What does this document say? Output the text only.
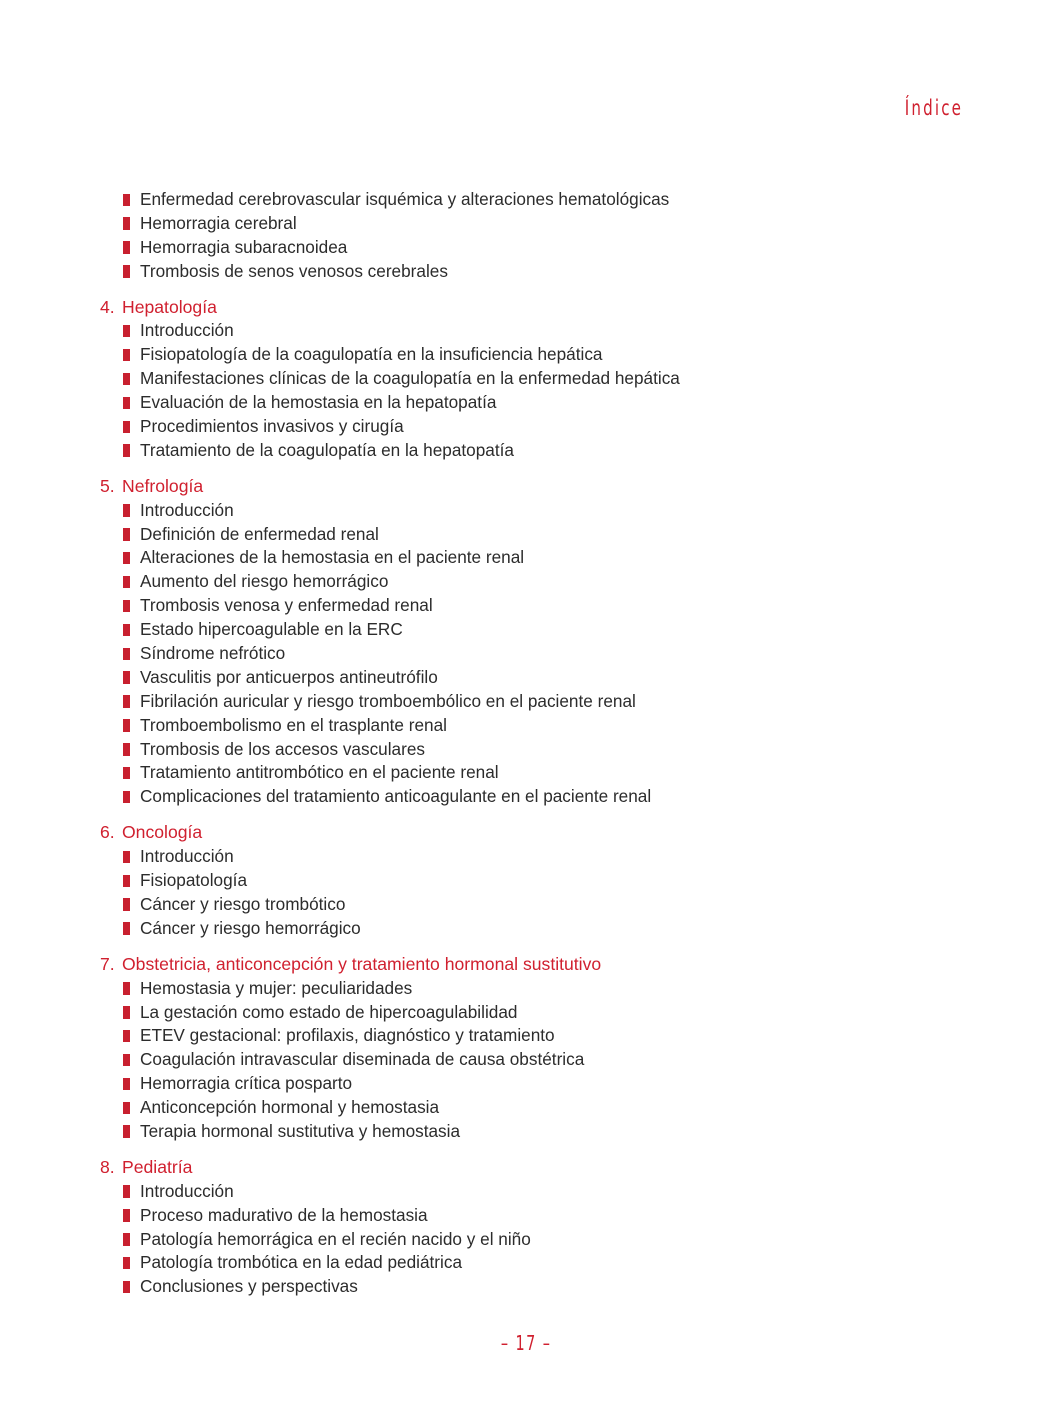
Índice
Enfermedad cerebrovascular isquémica y alteraciones hematológicas
Hemorragia cerebral
Hemorragia subaracnoidea
Trombosis de senos venosos cerebrales
4. Hepatología
Introducción
Fisiopatología de la coagulopatía en la insuficiencia hepática
Manifestaciones clínicas de la coagulopatía en la enfermedad hepática
Evaluación de la hemostasia en la hepatopatía
Procedimientos invasivos y cirugía
Tratamiento de la coagulopatía en la hepatopatía
5. Nefrología
Introducción
Definición de enfermedad renal
Alteraciones de la hemostasia en el paciente renal
Aumento del riesgo hemorrágico
Trombosis venosa y enfermedad renal
Estado hipercoagulable en la ERC
Síndrome nefrótico
Vasculitis por anticuerpos antineutrófilo
Fibrilación auricular y riesgo tromboembólico en el paciente renal
Tromboembolismo en el trasplante renal
Trombosis de los accesos vasculares
Tratamiento antitrombótico en el paciente renal
Complicaciones del tratamiento anticoagulante en el paciente renal
6. Oncología
Introducción
Fisiopatología
Cáncer y riesgo trombótico
Cáncer y riesgo hemorrágico
7. Obstetricia, anticoncepción y tratamiento hormonal sustitutivo
Hemostasia y mujer: peculiaridades
La gestación como estado de hipercoagulabilidad
ETEV gestacional: profilaxis, diagnóstico y tratamiento
Coagulación intravascular diseminada de causa obstétrica
Hemorragia crítica posparto
Anticoncepción hormonal y hemostasia
Terapia hormonal sustitutiva y hemostasia
8. Pediatría
Introducción
Proceso madurativo de la hemostasia
Patología hemorrágica en el recién nacido y el niño
Patología trombótica en la edad pediátrica
Conclusiones y perspectivas
– 17 –
